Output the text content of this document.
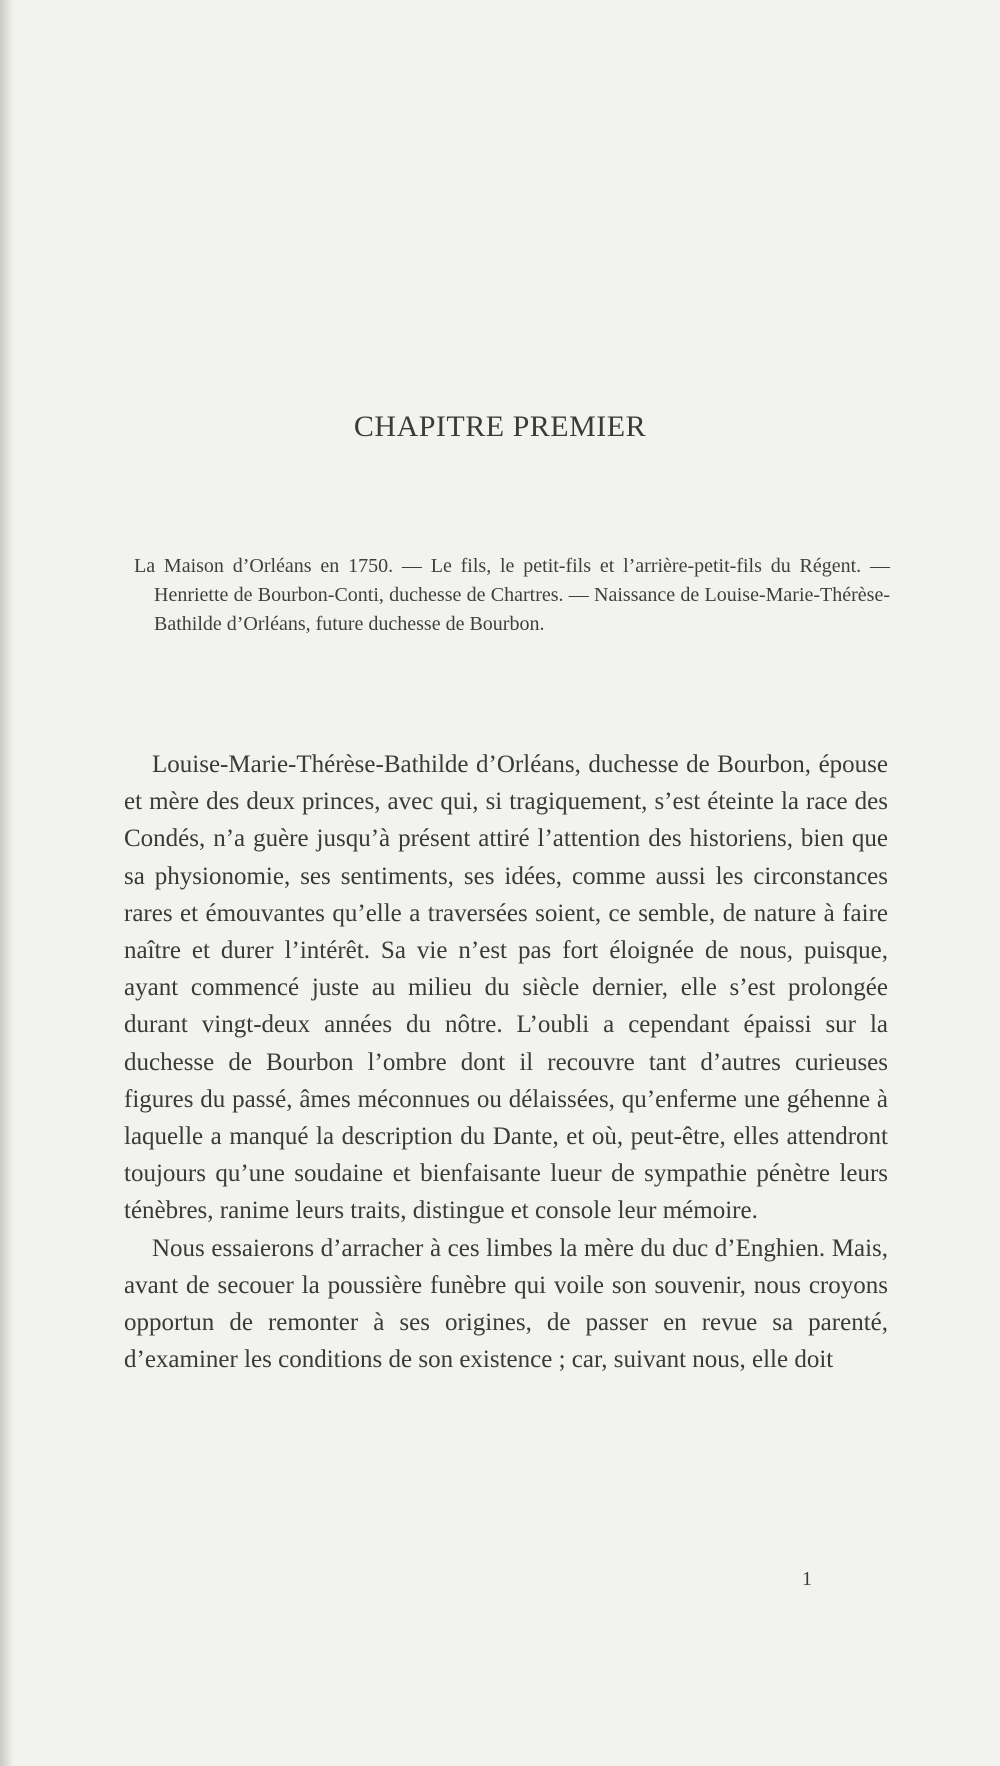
CHAPITRE PREMIER

La Maison d’Orléans en 1750. — Le fils, le petit-fils et l’arrière-petit-fils du Régent. — Henriette de Bourbon-Conti, duchesse de Chartres. — Naissance de Louise-Marie-Thérèse-Bathilde d’Orléans, future duchesse de Bourbon.

Louise-Marie-Thérèse-Bathilde d’Orléans, duchesse de Bourbon, épouse et mère des deux princes, avec qui, si tragiquement, s’est éteinte la race des Condés, n’a guère jusqu’à présent attiré l’attention des historiens, bien que sa physionomie, ses sentiments, ses idées, comme aussi les circonstances rares et émouvantes qu’elle a traversées soient, ce semble, de nature à faire naître et durer l’intérêt. Sa vie n’est pas fort éloignée de nous, puisque, ayant commencé juste au milieu du siècle dernier, elle s’est prolongée durant vingt-deux années du nôtre. L’oubli a cependant épaissi sur la duchesse de Bourbon l’ombre dont il recouvre tant d’autres curieuses figures du passé, âmes méconnues ou délaissées, qu’enferme une géhenne à laquelle a manqué la description du Dante, et où, peut-être, elles attendront toujours qu’une soudaine et bienfaisante lueur de sympathie pénètre leurs ténèbres, ranime leurs traits, distingue et console leur mémoire.

Nous essaierons d’arracher à ces limbes la mère du duc d’Enghien. Mais, avant de secouer la poussière funèbre qui voile son souvenir, nous croyons opportun de remonter à ses origines, de passer en revue sa parenté, d’examiner les conditions de son existence ; car, suivant nous, elle doit

1
